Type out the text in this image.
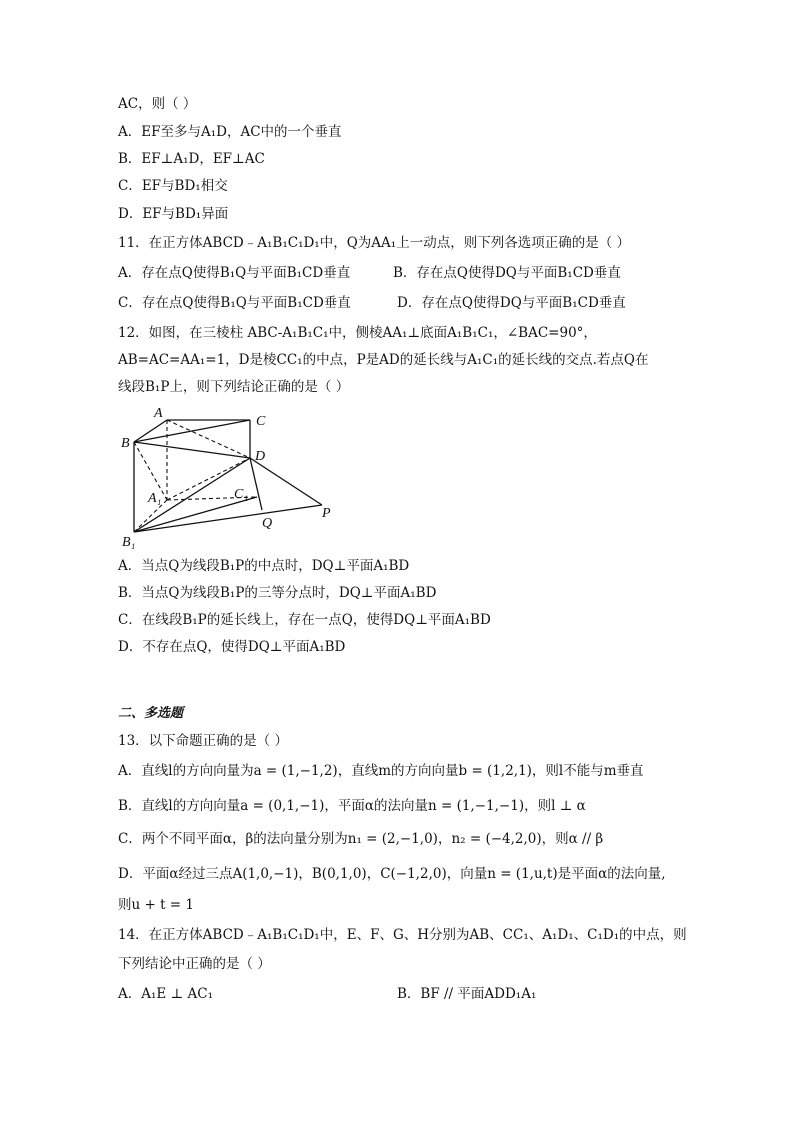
AC，则（ ）
A．EF至多与A₁D，AC中的一个垂直
B．EF⊥A₁D，EF⊥AC
C．EF与BD₁相交
D．EF与BD₁异面
11．在正方体ABCD﹣A₁B₁C₁D₁中，Q为AA₁上一动点，则下列各选项正确的是（ ）
A．存在点Q使得B₁Q与平面B₁CD垂直	B．存在点Q使得DQ与平面B₁CD垂直
C．存在点Q使得B₁Q与平面B₁CD垂直	D．存在点Q使得DQ与平面B₁CD垂直
12．如图，在三棱柱 ABC-A₁B₁C₁中，侧棱AA₁⊥底面A₁B₁C₁，∠BAC=90°，
AB=AC=AA₁=1，D是棱CC₁的中点，P是AD的延长线与A₁C₁的延长线的交点.若点Q在
线段B₁P上，则下列结论正确的是（ ）
A
C
B
D
A₁	C₁
B₁
Q
P
A．当点Q为线段B₁P的中点时，DQ⊥平面A₁BD
B．当点Q为线段B₁P的三等分点时，DQ⊥平面A₁BD
C．在线段B₁P的延长线上，存在一点Q，使得DQ⊥平面A₁BD
D．不存在点Q，使得DQ⊥平面A₁BD
二、多选题
13．以下命题正确的是（ ）
A．直线l的方向向量为a = (1,−1,2)，直线m的方向向量b = (1,2,1)，则l不能与m垂直
B．直线l的方向向量a = (0,1,−1)，平面α的法向量n = (1,−1,−1)，则l ⊥ α
C．两个不同平面α，β的法向量分别为n₁ = (2,−1,0)，n₂ = (−4,2,0)，则α // β
D．平面α经过三点A(1,0,−1)，B(0,1,0)，C(−1,2,0)，向量n = (1,u,t)是平面α的法向量,
则u + t = 1
14．在正方体ABCD﹣A₁B₁C₁D₁中，E、F、G、H分别为AB、CC₁、A₁D₁、C₁D₁的中点，则
下列结论中正确的是（ ）
A．A₁E ⊥ AC₁	B．BF // 平面ADD₁A₁
